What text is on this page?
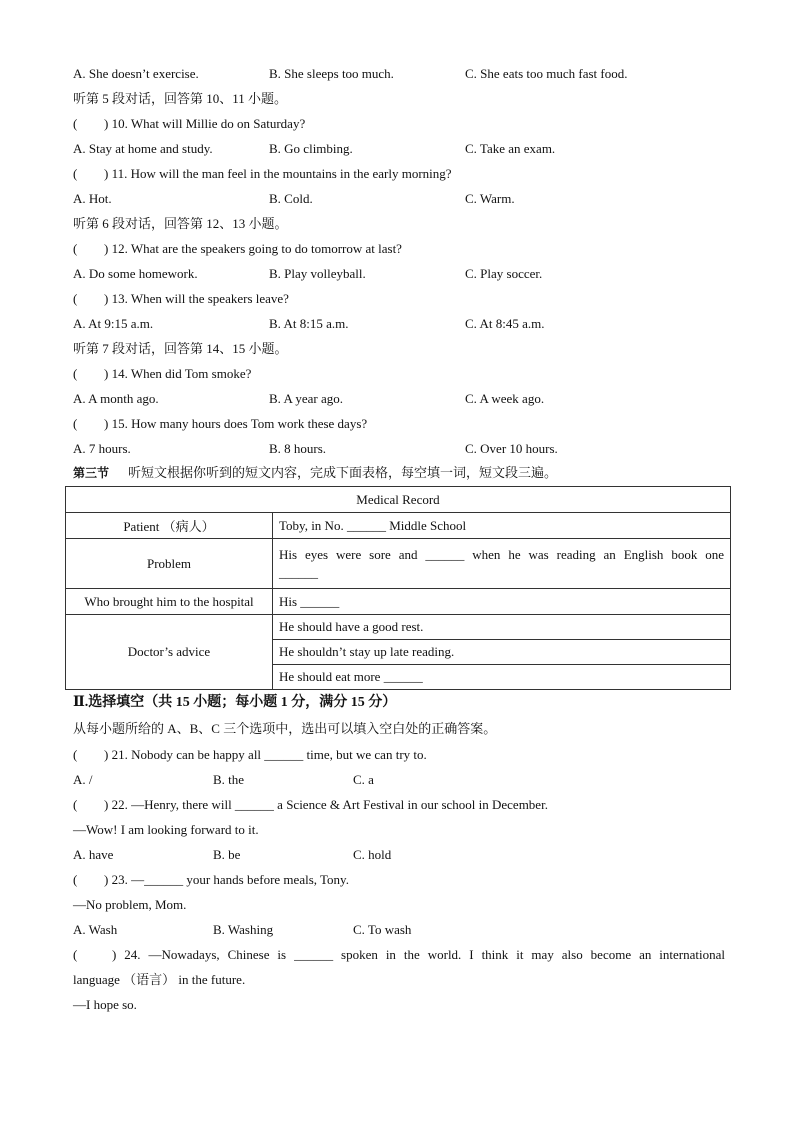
A. She doesn’t exercise.	B. She sleeps too much.	C. She eats too much fast food.
听第 5 段对话，回答第 10、11 小题。
( ) 10. What will Millie do on Saturday?
A. Stay at home and study.	B. Go climbing.	C. Take an exam.
( ) 11. How will the man feel in the mountains in the early morning?
A. Hot.	B. Cold.	C. Warm.
听第 6 段对话，回答第 12、13 小题。
( ) 12. What are the speakers going to do tomorrow at last?
A. Do some homework.	B. Play volleyball.	C. Play soccer.
( ) 13. When will the speakers leave?
A. At 9:15 a.m.	B. At 8:15 a.m.	C. At 8:45 a.m.
听第 7 段对话，回答第 14、15 小题。
( ) 14. When did Tom smoke?
A. A month ago.	B. A year ago.	C. A week ago.
( ) 15. How many hours does Tom work these days?
A. 7 hours.	B. 8 hours.	C. Over 10 hours.
第三节 听短文根据你听到的短文内容，完成下面表格，每空填一词，短文段三遍。
Medical Record	
Patient （病人）	Toby, in No. ______ Middle School
Problem	His eyes were sore and ______ when he was reading an English book one
______

Who brought him to the hospital	His ______
Doctor’s advice	He should have a good rest.
	He shouldn’t stay up late reading.
	He should eat more ______
Ⅱ.选择填空（共 15 小题；每小题 1 分，满分 15 分）
从每小题所给的 A、B、C 三个选项中，选出可以填入空白处的正确答案。
( ) 21. Nobody can be happy all ______ time, but we can try to.
A. /	B. the	C. a
( ) 22. —Henry, there will ______ a Science & Art Festival in our school in December.
—Wow! I am looking forward to it.
A. have	B. be	C. hold
( ) 23. —______ your hands before meals, Tony.
—No problem, Mom.
A. Wash	B. Washing	C. To wash
(	) 24. —Nowadays, Chinese is ______ spoken in the world. I think it may also become an international
language （语言） in the future.
—I hope so.
